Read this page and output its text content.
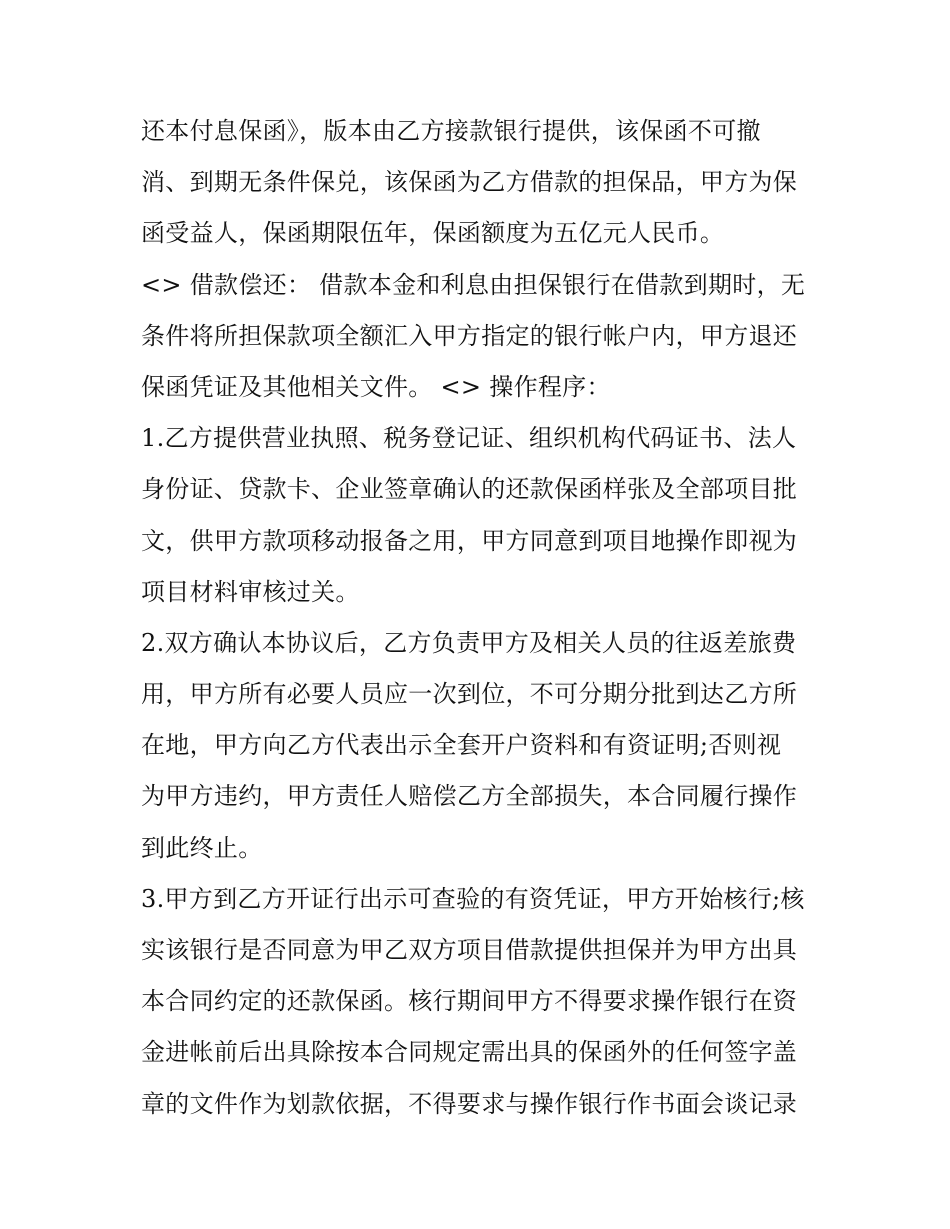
还本付息保函》，版本由乙方接款银行提供，该保函不可撤
消、到期无条件保兑，该保函为乙方借款的担保品，甲方为保
函受益人，保函期限伍年，保函额度为五亿元人民币。
<> 借款偿还： 借款本金和利息由担保银行在借款到期时，无
条件将所担保款项全额汇入甲方指定的银行帐户内，甲方退还
保函凭证及其他相关文件。 <> 操作程序：
1.乙方提供营业执照、税务登记证、组织机构代码证书、法人
身份证、贷款卡、企业签章确认的还款保函样张及全部项目批
文，供甲方款项移动报备之用，甲方同意到项目地操作即视为
项目材料审核过关。
2.双方确认本协议后，乙方负责甲方及相关人员的往返差旅费
用，甲方所有必要人员应一次到位，不可分期分批到达乙方所
在地，甲方向乙方代表出示全套开户资料和有资证明;否则视
为甲方违约，甲方责任人赔偿乙方全部损失，本合同履行操作
到此终止。
3.甲方到乙方开证行出示可查验的有资凭证，甲方开始核行;核
实该银行是否同意为甲乙双方项目借款提供担保并为甲方出具
本合同约定的还款保函。核行期间甲方不得要求操作银行在资
金进帐前后出具除按本合同规定需出具的保函外的任何签字盖
章的文件作为划款依据，不得要求与操作银行作书面会谈记录
